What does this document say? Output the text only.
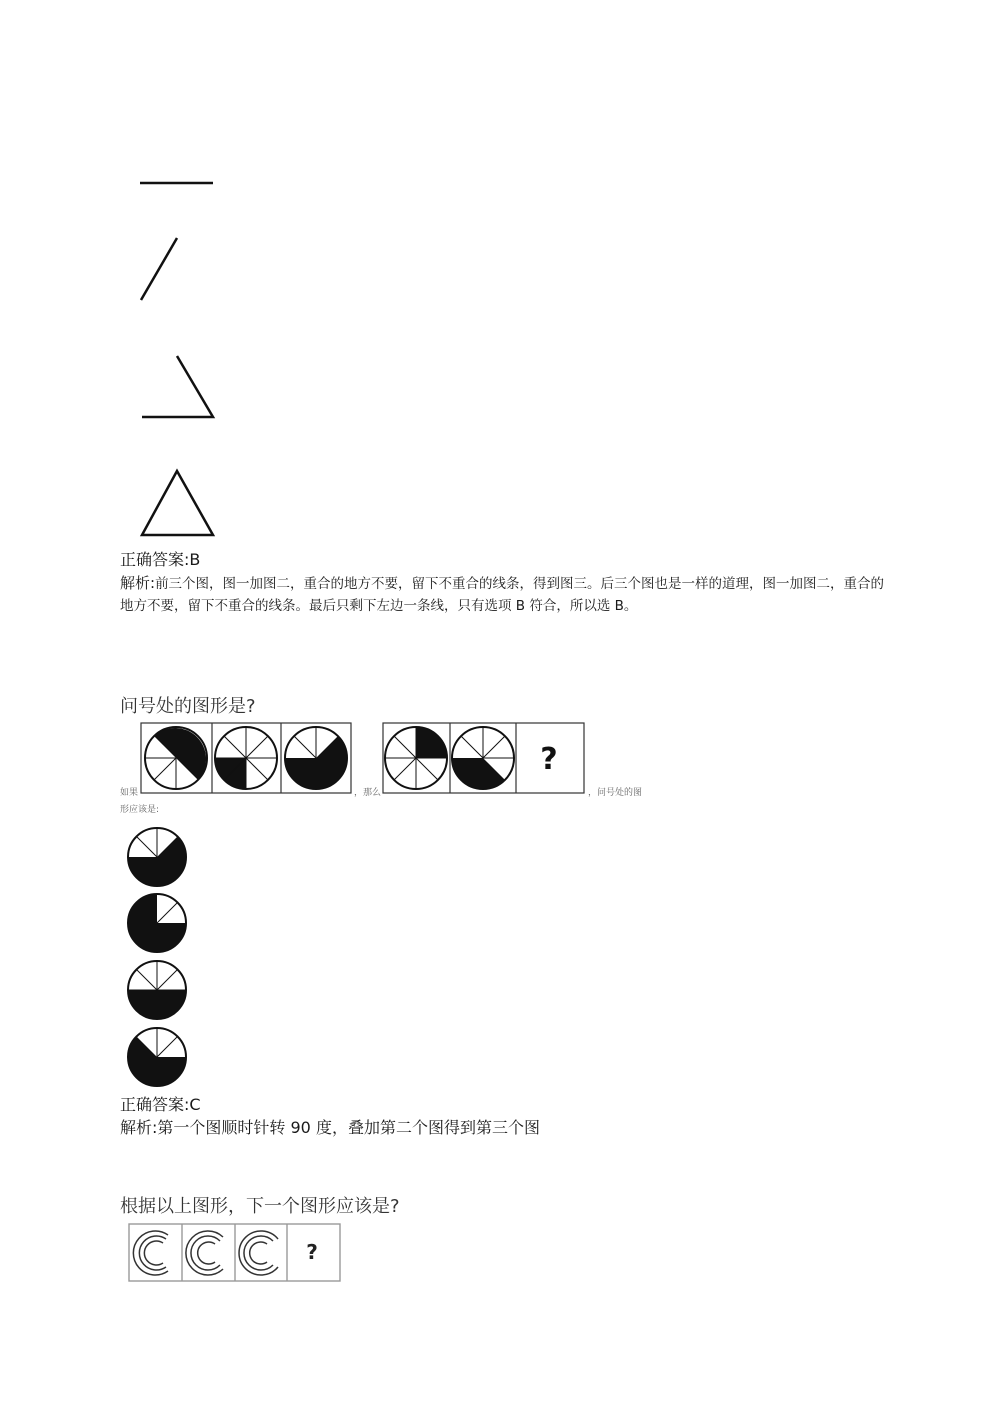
正确答案:B
解析:前三个图，图一加图二，重合的地方不要，留下不重合的线条，得到图三。后三个图也是一样的道理，图一加图二，重合的地方不要，留下不重合的线条。最后只剩下左边一条线，只有选项 B 符合，所以选 B。
问号处的图形是?
如果	，那么
?
，问号处的图
形应该是:
正确答案:C
解析:第一个图顺时针转 90 度，叠加第二个图得到第三个图
根据以上图形，下一个图形应该是?
?
